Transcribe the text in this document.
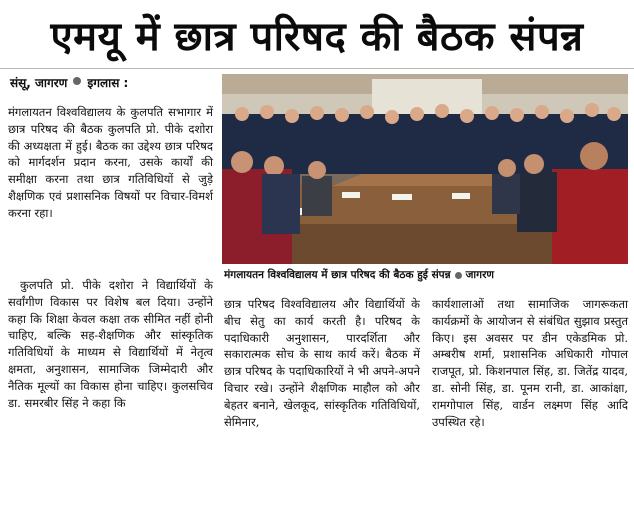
एमयू में छात्र परिषद की बैठक संपन्न
संसू, जागरण इगलास :

मंगलायतन विश्वविद्यालय के कुलपति सभागार में छात्र परिषद की बैठक कुलपति प्रो. पीके दशोरा की अध्यक्षता में हुई। बैठक का उद्देश्य छात्र परिषद को मार्गदर्शन प्रदान करना, उसके कार्यों की समीक्षा करना तथा छात्र गतिविधियों से जुड़े शैक्षणिक एवं प्रशासनिक विषयों पर विचार-विमर्श करना रहा।

कुलपति प्रो. पीके दशोरा ने विद्यार्थियों के सर्वांगीण विकास पर विशेष बल दिया। उन्होंने कहा कि शिक्षा केवल कक्षा तक सीमित नहीं होनी चाहिए, बल्कि सह-शैक्षणिक और सांस्कृतिक गतिविधियों के माध्यम से विद्यार्थियों में नेतृत्व क्षमता, अनुशासन, सामाजिक जिम्मेदारी और नैतिक मूल्यों का विकास होना चाहिए। कुलसचिव डा. समरबीर सिंह ने कहा कि

मंगलायतन विश्वविद्यालय में छात्र परिषद की बैठक हुई संपन्न जागरण

छात्र परिषद विश्वविद्यालय और विद्यार्थियों के बीच सेतु का कार्य करती है। परिषद के पदाधिकारी अनुशासन, पारदर्शिता और सकारात्मक सोच के साथ कार्य करें। बैठक में छात्र परिषद के पदाधिकारियों ने भी अपने-अपने विचार रखे। उन्होंने शैक्षणिक माहौल को और बेहतर बनाने, खेलकूद, सांस्कृतिक गतिविधियों, सेमिनार,

कार्यशालाओं तथा सामाजिक जागरूकता कार्यक्रमों के आयोजन से संबंधित सुझाव प्रस्तुत किए। इस अवसर पर डीन एकेडमिक प्रो. अम्बरीष शर्मा, प्रशासनिक अधिकारी गोपाल राजपूत, प्रो. किशनपाल सिंह, डा. जितेंद्र यादव, डा. सोनी सिंह, डा. पूनम रानी, डा. आकांक्षा, रामगोपाल सिंह, वार्डन लक्ष्मण सिंह आदि उपस्थित रहे।
